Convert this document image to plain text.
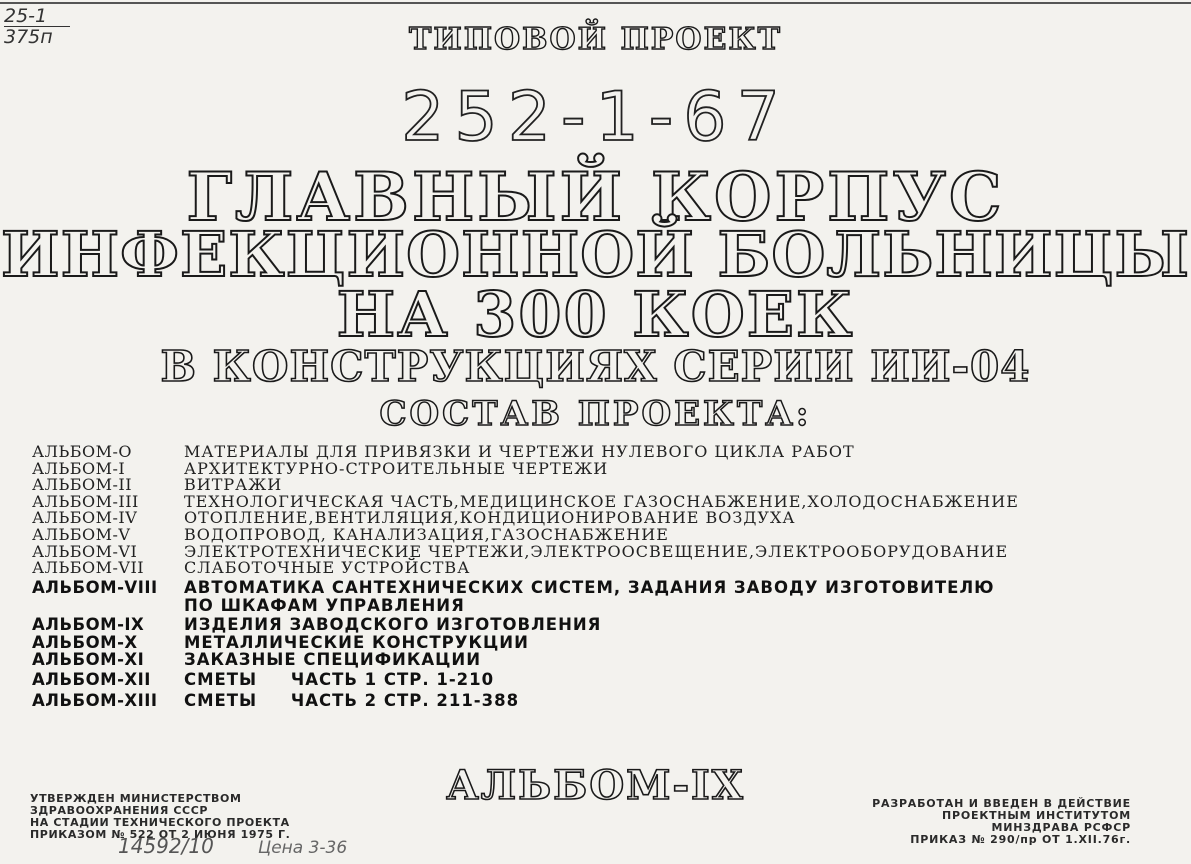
25-1
375п	ТИПОВОЙ ПРОЕКТ
252-1-67
ГЛАВНЫЙ КОРПУС
ИНФЕКЦИОННОЙ БОЛЬНИЦЫ
НА 300 КОЕК
В КОНСТРУКЦИЯХ СЕРИИ ИИ-04
СОСТАВ ПРОЕКТА:
АЛЬБОМ-О	МАТЕРИАЛЫ ДЛЯ ПРИВЯЗКИ И ЧЕРТЕЖИ НУЛЕВОГО ЦИКЛА РАБОТ
АЛЬБОМ-I	АРХИТЕКТУРНО-СТРОИТЕЛЬНЫЕ ЧЕРТЕЖИ
АЛЬБОМ-II	ВИТРАЖИ
АЛЬБОМ-III	ТЕХНОЛОГИЧЕСКАЯ ЧАСТЬ,МЕДИЦИНСКОЕ ГАЗОСНАБЖЕНИЕ,ХОЛОДОСНАБЖЕНИЕ
АЛЬБОМ-IV	ОТОПЛЕНИЕ,ВЕНТИЛЯЦИЯ,КОНДИЦИОНИРОВАНИЕ ВОЗДУХА
АЛЬБОМ-V	ВОДОПРОВОД, КАНАЛИЗАЦИЯ,ГАЗОСНАБЖЕНИЕ
АЛЬБОМ-VI	ЭЛЕКТРОТЕХНИЧЕСКИЕ ЧЕРТЕЖИ,ЭЛЕКТРООСВЕЩЕНИЕ,ЭЛЕКТРООБОРУДОВАНИЕ
АЛЬБОМ-VII	СЛАБОТОЧНЫЕ УСТРОЙСТВА
АЛЬБОМ-VIII	АВТОМАТИКА САНТЕХНИЧЕСКИХ СИСТЕМ, ЗАДАНИЯ ЗАВОДУ ИЗГОТОВИТЕЛЮ
ПО ШКАФАМ УПРАВЛЕНИЯ
АЛЬБОМ-IX	ИЗДЕЛИЯ ЗАВОДСКОГО ИЗГОТОВЛЕНИЯ
АЛЬБОМ-X	МЕТАЛЛИЧЕСКИЕ КОНСТРУКЦИИ
АЛЬБОМ-XI	ЗАКАЗНЫЕ СПЕЦИФИКАЦИИ
АЛЬБОМ-XII	СМЕТЫ     ЧАСТЬ 1 СТР. 1-210
АЛЬБОМ-XIII	СМЕТЫ     ЧАСТЬ 2 СТР. 211-388
УТВЕРЖДЕН МИНИСТЕРСТВОМ
ЗДРАВООХРАНЕНИЯ СССР
НА СТАДИИ ТЕХНИЧЕСКОГО ПРОЕКТА
ПРИКАЗОМ № 522 ОТ 2 ИЮНЯ 1975 Г.
АЛЬБОМ-IX	РАЗРАБОТАН И ВВЕДЕН В ДЕЙСТВИЕ
ПРОЕКТНЫМ ИНСТИТУТОМ
МИНЗДРАВА РСФСР
ПРИКАЗ № 290/пр ОТ 1.XII.76г.
14592/10	Цена 3-36
